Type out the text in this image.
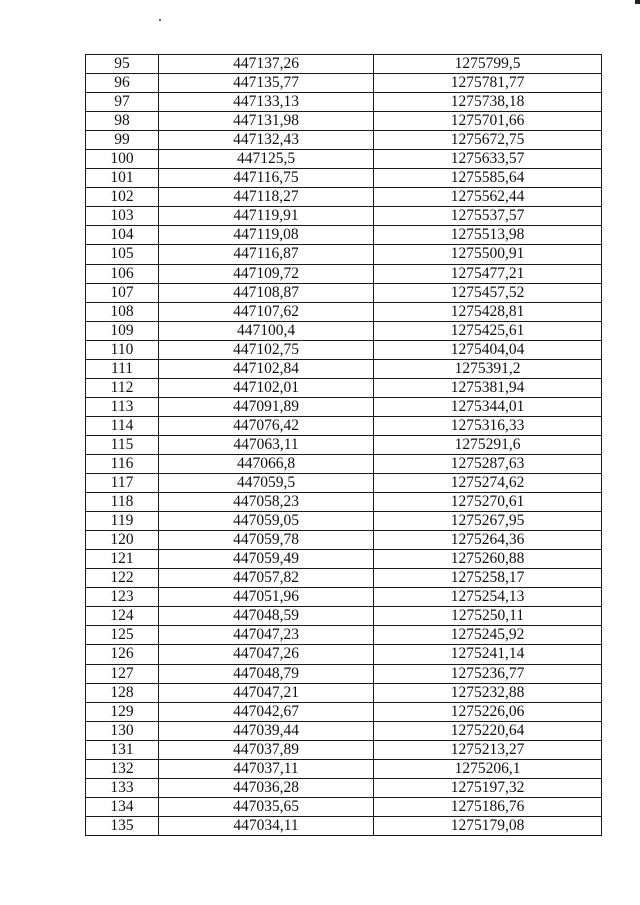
95	447137,26	1275799,5
96	447135,77	1275781,77
97	447133,13	1275738,18
98	447131,98	1275701,66
99	447132,43	1275672,75
100	447125,5	1275633,57
101	447116,75	1275585,64
102	447118,27	1275562,44
103	447119,91	1275537,57
104	447119,08	1275513,98
105	447116,87	1275500,91
106	447109,72	1275477,21
107	447108,87	1275457,52
108	447107,62	1275428,81
109	447100,4	1275425,61
110	447102,75	1275404,04
111	447102,84	1275391,2
112	447102,01	1275381,94
113	447091,89	1275344,01
114	447076,42	1275316,33
115	447063,11	1275291,6
116	447066,8	1275287,63
117	447059,5	1275274,62
118	447058,23	1275270,61
119	447059,05	1275267,95
120	447059,78	1275264,36
121	447059,49	1275260,88
122	447057,82	1275258,17
123	447051,96	1275254,13
124	447048,59	1275250,11
125	447047,23	1275245,92
126	447047,26	1275241,14
127	447048,79	1275236,77
128	447047,21	1275232,88
129	447042,67	1275226,06
130	447039,44	1275220,64
131	447037,89	1275213,27
132	447037,11	1275206,1
133	447036,28	1275197,32
134	447035,65	1275186,76
135	447034,11	1275179,08
